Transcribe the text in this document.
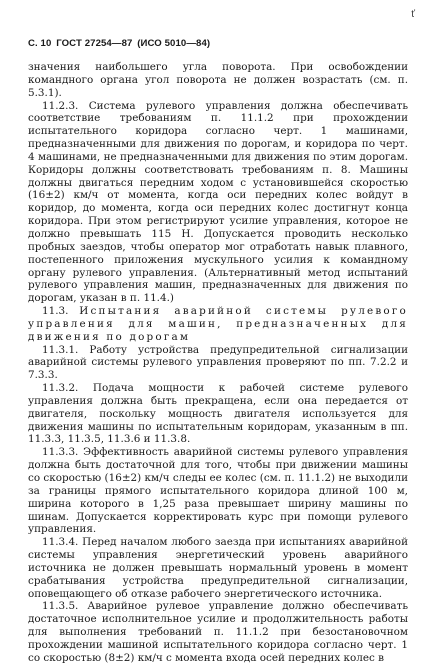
ť
С. 10 ГОСТ 27254—87 (ИСО 5010—84)

значения наибольшего угла поворота. При освобождении командного органа угол поворота не должен возрастать (см. п. 5.3.1).

11.2.3. Система рулевого управления должна обеспечивать соответствие требованиям п. 11.1.2 при прохождении испытательного коридора согласно черт. 1 машинами, предназначенными для движения по дорогам, и коридора по черт. 4 машинами, не предназначенными для движения по этим дорогам. Коридоры должны соответствовать требованиям п. 8. Машины должны двигаться передним ходом с установившейся скоростью (16±2) км/ч от момента, когда оси передних колес войдут в коридор, до момента, когда оси передних колес достигнут конца коридора. При этом регистрируют усилие управления, которое не должно превышать 115 Н. Допускается проводить несколько пробных заездов, чтобы оператор мог отработать навык плавного, постепенного приложения мускульного усилия к командному органу рулевого управления. (Альтернативный метод испытаний рулевого управления машин, предназначенных для движения по дорогам, указан в п. 11.4.)

11.3. Испытания аварийной системы рулевого управления для машин, предназначенных для движения по дорогам

11.3.1. Работу устройства предупредительной сигнализации аварийной системы рулевого управления проверяют по пп. 7.2.2 и 7.3.3.

11.3.2. Подача мощности к рабочей системе рулевого управления должна быть прекращена, если она передается от двигателя, поскольку мощность двигателя используется для движения машины по испытательным коридорам, указанным в пп. 11.3.3, 11.3.5, 11.3.6 и 11.3.8.

11.3.3. Эффективность аварийной системы рулевого управления должна быть достаточной для того, чтобы при движении машины со скоростью (16±2) км/ч следы ее колес (см. п. 11.1.2) не выходили за границы прямого испытательного коридора длиной 100 м, ширина которого в 1,25 раза превышает ширину машины по шинам. Допускается корректировать курс при помощи рулевого управления.

11.3.4. Перед началом любого заезда при испытаниях аварийной системы управления энергетический уровень аварийного источника не должен превышать нормальный уровень в момент срабатывания устройства предупредительной сигнализации, оповещающего об отказе рабочего энергетического источника.

11.3.5. Аварийное рулевое управление должно обеспечивать достаточное исполнительное усилие и продолжительность работы для выполнения требований п. 11.1.2 при безостановочном прохождении машиной испытательного коридора согласно черт. 1 со скоростью (8±2) км/ч с момента входа осей передних колес в
